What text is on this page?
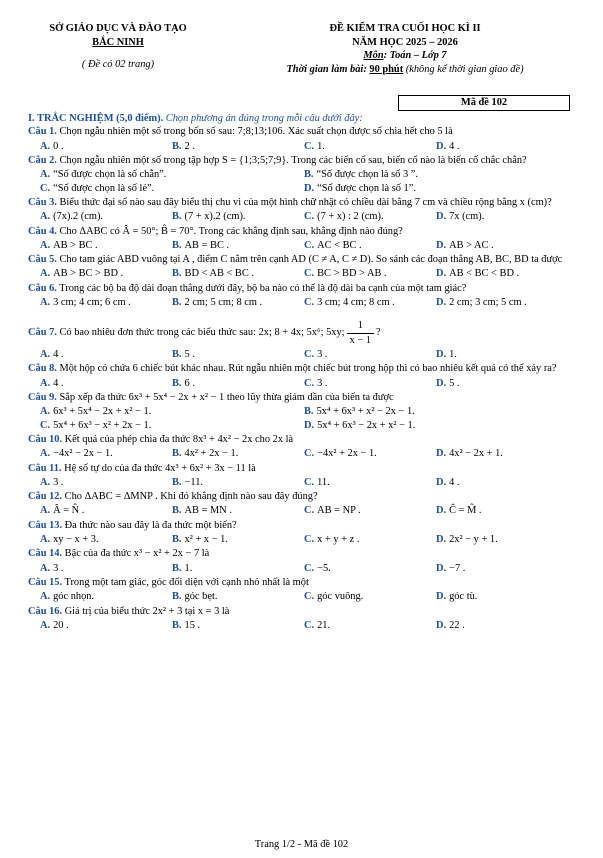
SỞ GIÁO DỤC VÀ ĐÀO TẠO
BẮC NINH
( Đề có 02 trang)
ĐỀ KIỂM TRA CUỐI HỌC KÌ II
NĂM HỌC 2025 – 2026
Môn: Toán – Lớp 7
Thời gian làm bài: 90 phút (không kể thời gian giao đề)
Mã đề 102
I. TRẮC NGHIỆM (5,0 điểm). Chọn phương án đúng trong mỗi câu dưới đây:
Câu 1. Chọn ngẫu nhiên một số trong bốn số sau: 7;8;13;106. Xác suất chọn được số chia hết cho 5 là
A. 0 .	B. 2 .	C. 1.	D. 4 .
Câu 2. Chọn ngẫu nhiên một số trong tập hợp S = {1;3;5;7;9}. Trong các biến cố sau, biến cố nào là biến cố chắc chắn?
A. “Số được chọn là số chẵn”.	B. “Số được chọn là số 3 ”.
C. “Số được chọn là số lẻ”.	D. “Số được chọn là số 1”.
Câu 3. Biểu thức đại số nào sau đây biểu thị chu vi của một hình chữ nhật có chiều dài bằng 7 cm và chiều rộng bằng x (cm)?
A. (7x).2 (cm).	B. (7 + x).2 (cm).	C. (7 + x) : 2 (cm).	D. 7x (cm).
Câu 4. Cho ΔABC có Â = 50°; B̂ = 70°. Trong các khẳng định sau, khẳng định nào đúng?
A. AB > BC .	B. AB = BC .	C. AC < BC .	D. AB > AC .
Câu 5. Cho tam giác ABD vuông tại A , điểm C nằm trên cạnh AD (C ≠ A, C ≠ D). So sánh các đoạn thẳng AB, BC, BD ta được
A. AB > BC > BD .	B. BD < AB < BC .	C. BC > BD > AB .	D. AB < BC < BD .
Câu 6. Trong các bộ ba độ dài đoạn thẳng dưới đây, bộ ba nào có thể là độ dài ba cạnh của một tam giác?
A. 3 cm; 4 cm; 6 cm .	B. 2 cm; 5 cm; 8 cm .	C. 3 cm; 4 cm; 8 cm .	D. 2 cm; 3 cm; 5 cm .
Câu 7. Có bao nhiêu đơn thức trong các biểu thức sau: 2x; 8 + 4x; 5x⁶; 5xy; $\frac{1}{x - 1}$ ?
A. 4 .	B. 5 .	C. 3 .	D. 1.
Câu 8. Một hộp có chứa 6 chiếc bút khác nhau. Rút ngẫu nhiên một chiếc bút trong hộp thì có bao nhiêu kết quả có thể xảy ra?
A. 4 .	B. 6 .	C. 3 .	D. 5 .
Câu 9. Sắp xếp đa thức 6x³ + 5x⁴ − 2x + x² − 1 theo lũy thừa giảm dần của biến ta được
A. 6x³ + 5x⁴ − 2x + x² − 1.	B. 5x⁴ + 6x³ + x² − 2x − 1.
C. 5x⁴ + 6x³ − x² + 2x − 1.	D. 5x⁴ + 6x³ − 2x + x² − 1.
Câu 10. Kết quả của phép chia đa thức 8x³ + 4x² − 2x cho 2x là
A. −4x² − 2x − 1.	B. 4x² + 2x − 1.	C. −4x² + 2x − 1.	D. 4x² − 2x + 1.
Câu 11. Hệ số tự do của đa thức 4x³ + 6x² + 3x − 11 là
A. 3 .	B. −11.	C. 11.	D. 4 .
Câu 12. Cho ΔABC = ΔMNP . Khi đó khẳng định nào sau đây đúng?
A. Â = N̂ .	B. AB = MN .	C. AB = NP .	D. Ĉ = M̂ .
Câu 13. Đa thức nào sau đây là đa thức một biến?
A. xy − x + 3.	B. x² + x − 1.	C. x + y + z .	D. 2x² − y + 1.
Câu 14. Bậc của đa thức x³ − x² + 2x − 7 là
A. 3 .	B. 1.	C. −5.	D. −7 .
Câu 15. Trong một tam giác, góc đối diện với cạnh nhỏ nhất là một
A. góc nhọn.	B. góc bẹt.	C. góc vuông.	D. góc tù.
Câu 16. Giá trị của biểu thức 2x² + 3 tại x = 3 là
A. 20 .	B. 15 .	C. 21.	D. 22 .
Trang 1/2 - Mã đề 102
